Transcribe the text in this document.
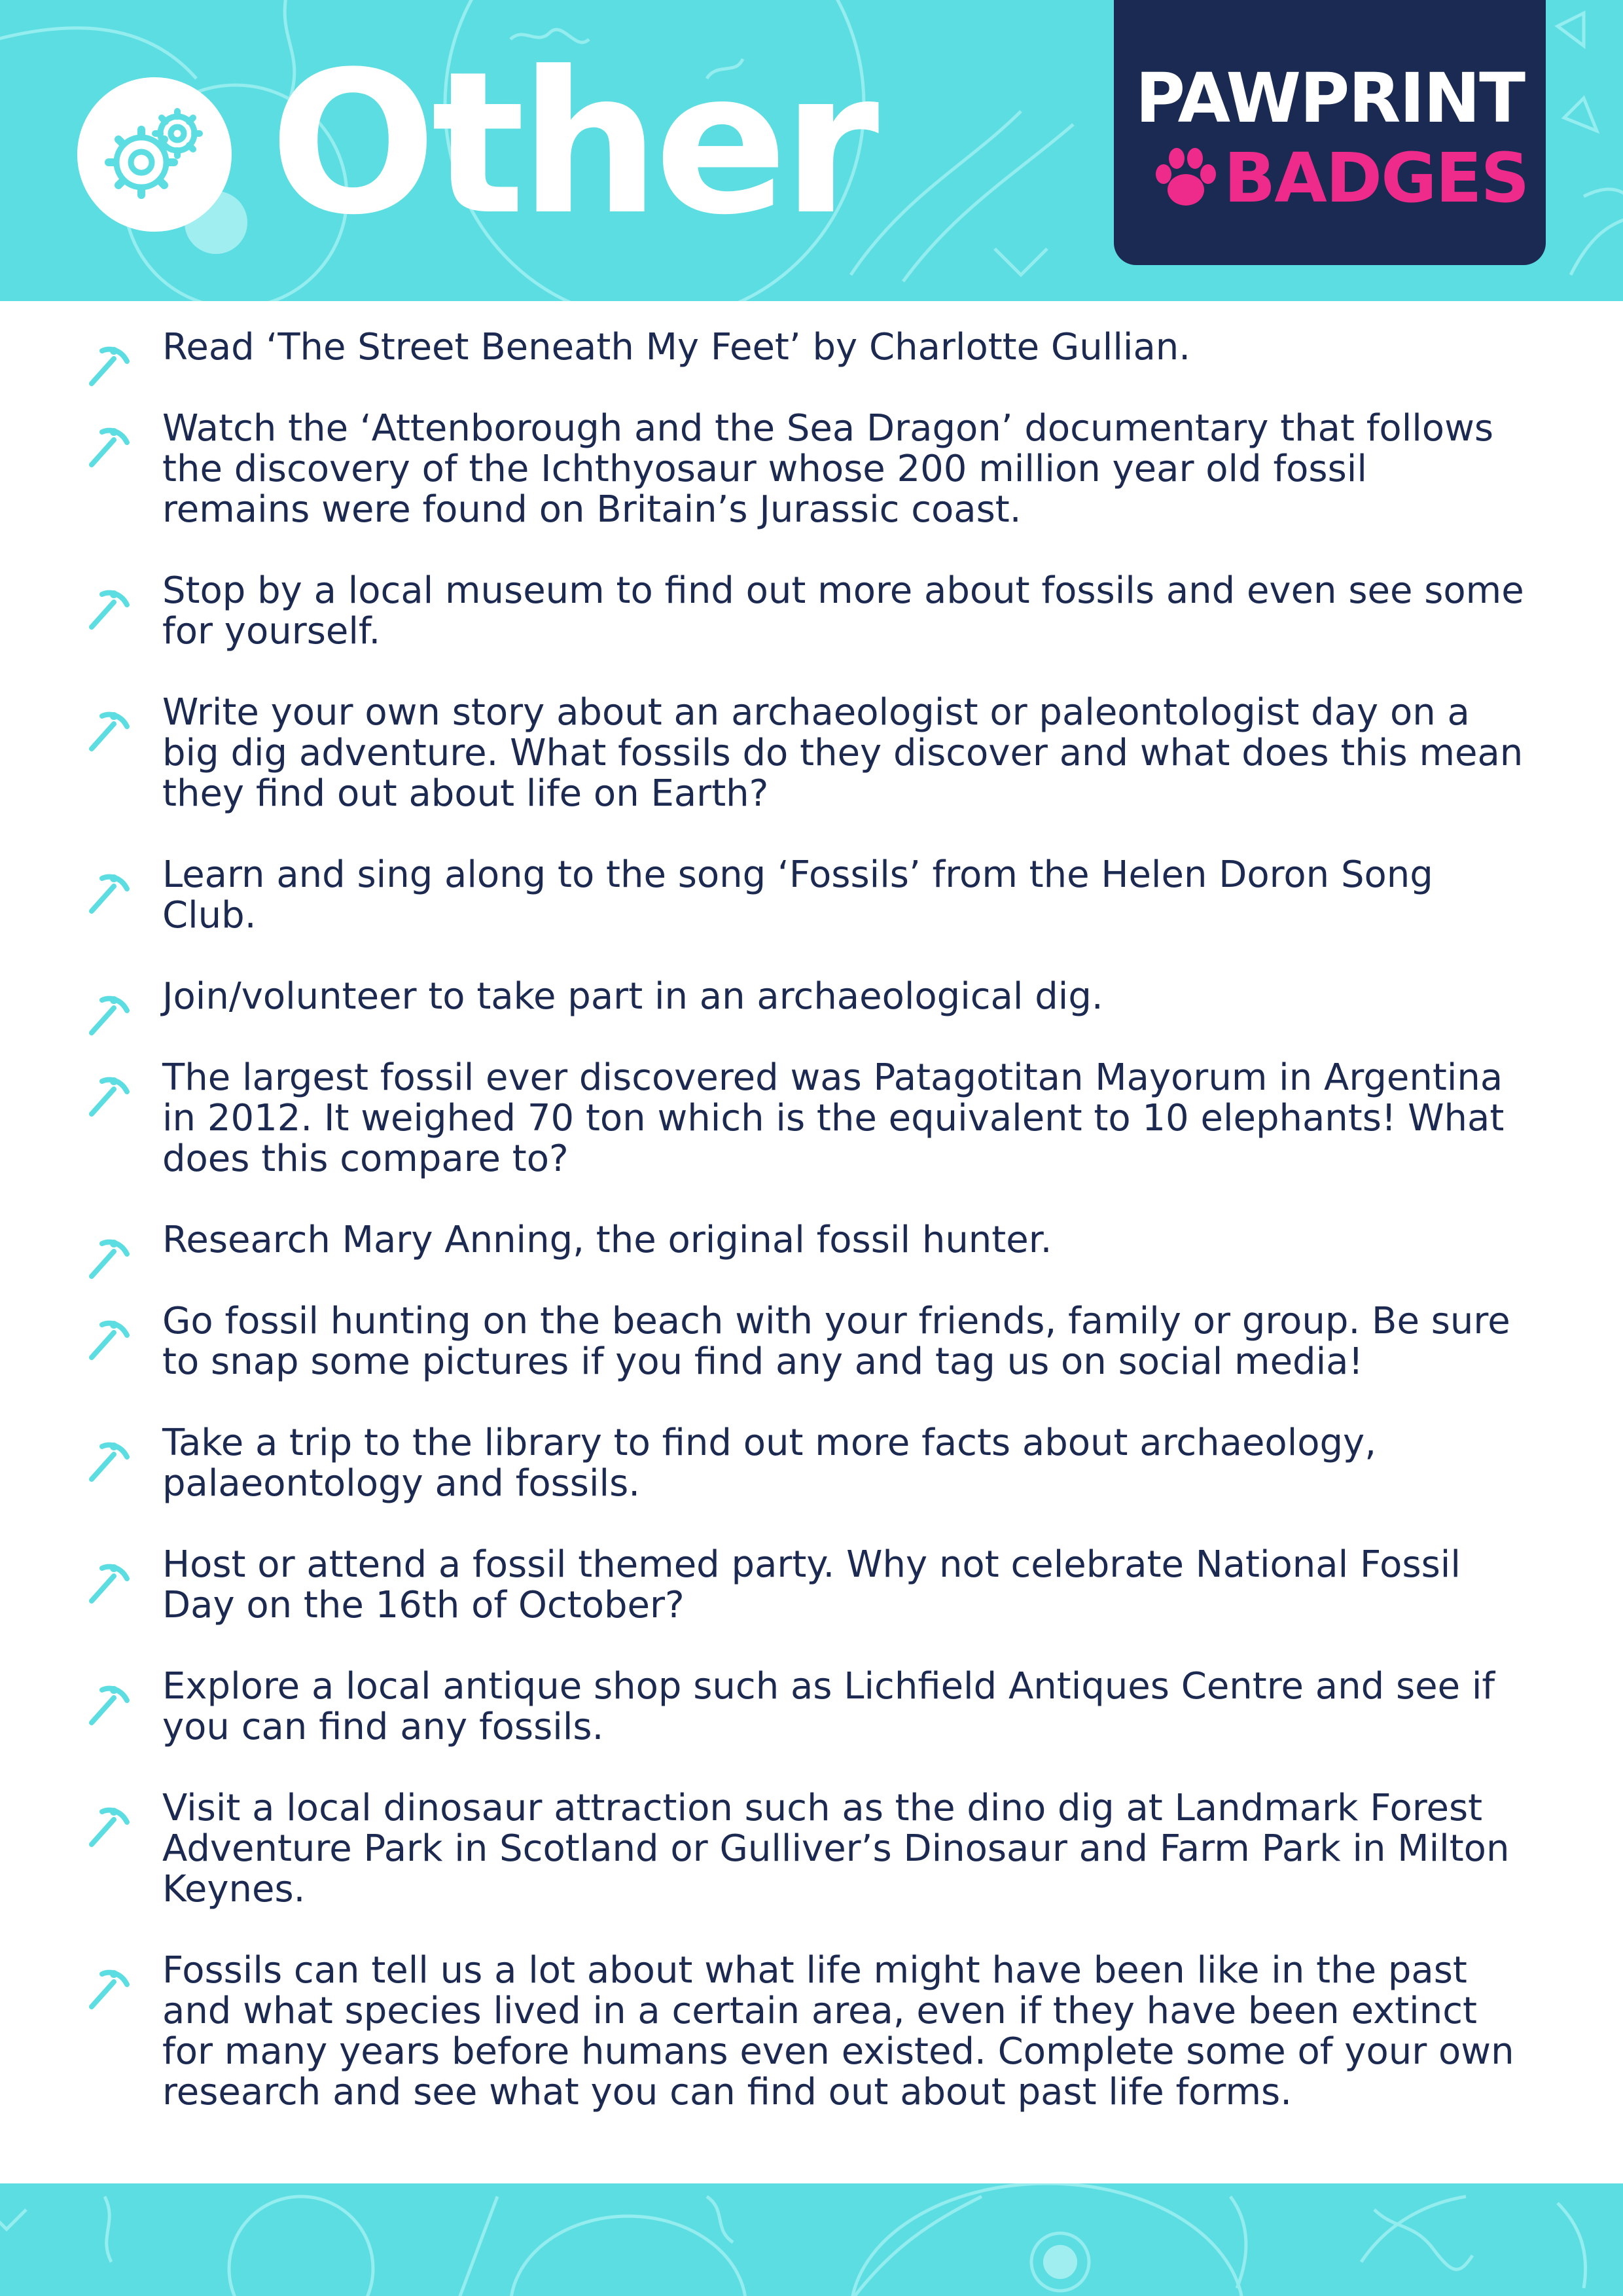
Other	PAWPRINT
BADGES
Read ‘The Street Beneath My Feet’ by Charlotte Gullian.
Watch the ‘Attenborough and the Sea Dragon’ documentary that follows the discovery of the Ichthyosaur whose 200 million year old fossil remains were found on Britain’s Jurassic coast.
Stop by a local museum to find out more about fossils and even see some for yourself.
Write your own story about an archaeologist or paleontologist day on a big dig adventure. What fossils do they discover and what does this mean they find out about life on Earth?
Learn and sing along to the song ‘Fossils’ from the Helen Doron Song Club.
Join/volunteer to take part in an archaeological dig.
The largest fossil ever discovered was Patagotitan Mayorum in Argentina in 2012. It weighed 70 ton which is the equivalent to 10 elephants! What does this compare to?
Research Mary Anning, the original fossil hunter.
Go fossil hunting on the beach with your friends, family or group. Be sure to snap some pictures if you find any and tag us on social media!
Take a trip to the library to find out more facts about archaeology, palaeontology and fossils.
Host or attend a fossil themed party. Why not celebrate National Fossil Day on the 16th of October?
Explore a local antique shop such as Lichfield Antiques Centre and see if you can find any fossils.
Visit a local dinosaur attraction such as the dino dig at Landmark Forest Adventure Park in Scotland or Gulliver’s Dinosaur and Farm Park in Milton Keynes.
Fossils can tell us a lot about what life might have been like in the past and what species lived in a certain area, even if they have been extinct for many years before humans even existed. Complete some of your own research and see what you can find out about past life forms.
